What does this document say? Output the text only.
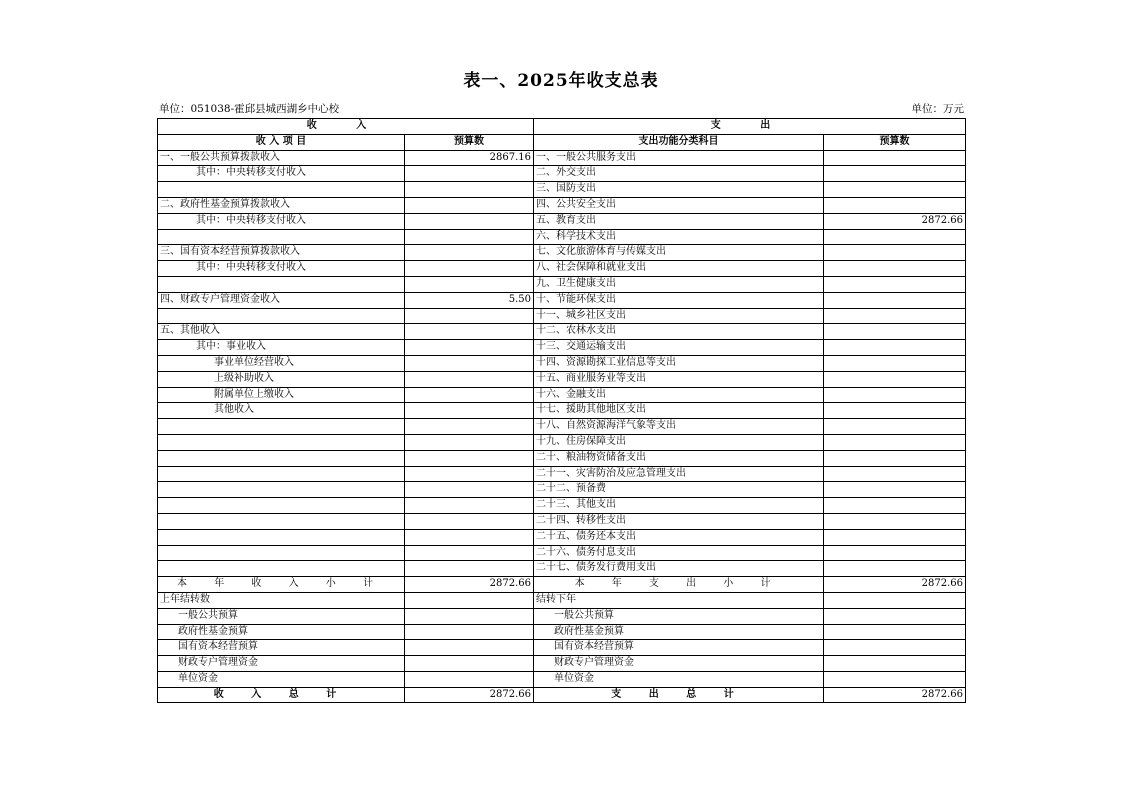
表一、2025年收支总表
单位：051038-霍邱县城西湖乡中心校	单位：万元
收 入		支 出	
收 入 项 目	预算数	支出功能分类科目	预算数
一、一般公共预算拨款收入	2867.16	一、一般公共服务支出	
其中：中央转移支付收入		二、外交支出	
		三、国防支出	
二、政府性基金预算拨款收入		四、公共安全支出	
其中：中央转移支付收入		五、教育支出	2872.66
		六、科学技术支出	
三、国有资本经营预算拨款收入		七、文化旅游体育与传媒支出	
其中：中央转移支付收入		八、社会保障和就业支出	
		九、卫生健康支出	
四、财政专户管理资金收入	5.50	十、节能环保支出	
		十一、城乡社区支出	
五、其他收入		十二、农林水支出	
其中：事业收入		十三、交通运输支出	
事业单位经营收入		十四、资源勘探工业信息等支出	
上级补助收入		十五、商业服务业等支出	
附属单位上缴收入		十六、金融支出	
其他收入		十七、援助其他地区支出	
		十八、自然资源海洋气象等支出	
		十九、住房保障支出	
		二十、粮油物资储备支出	
		二十一、灾害防治及应急管理支出	
		二十二、预备费	
		二十三、其他支出	
		二十四、转移性支出	
		二十五、债务还本支出	
		二十六、债务付息支出	
		二十七、债务发行费用支出	
本 年 收 入 小 计	2872.66	本 年 支 出 小 计	2872.66
上年结转数		结转下年	
一般公共预算		一般公共预算	
政府性基金预算		政府性基金预算	
国有资本经营预算		国有资本经营预算	
财政专户管理资金		财政专户管理资金	
单位资金		单位资金	
收 入 总 计	2872.66	支 出 总 计	2872.66
